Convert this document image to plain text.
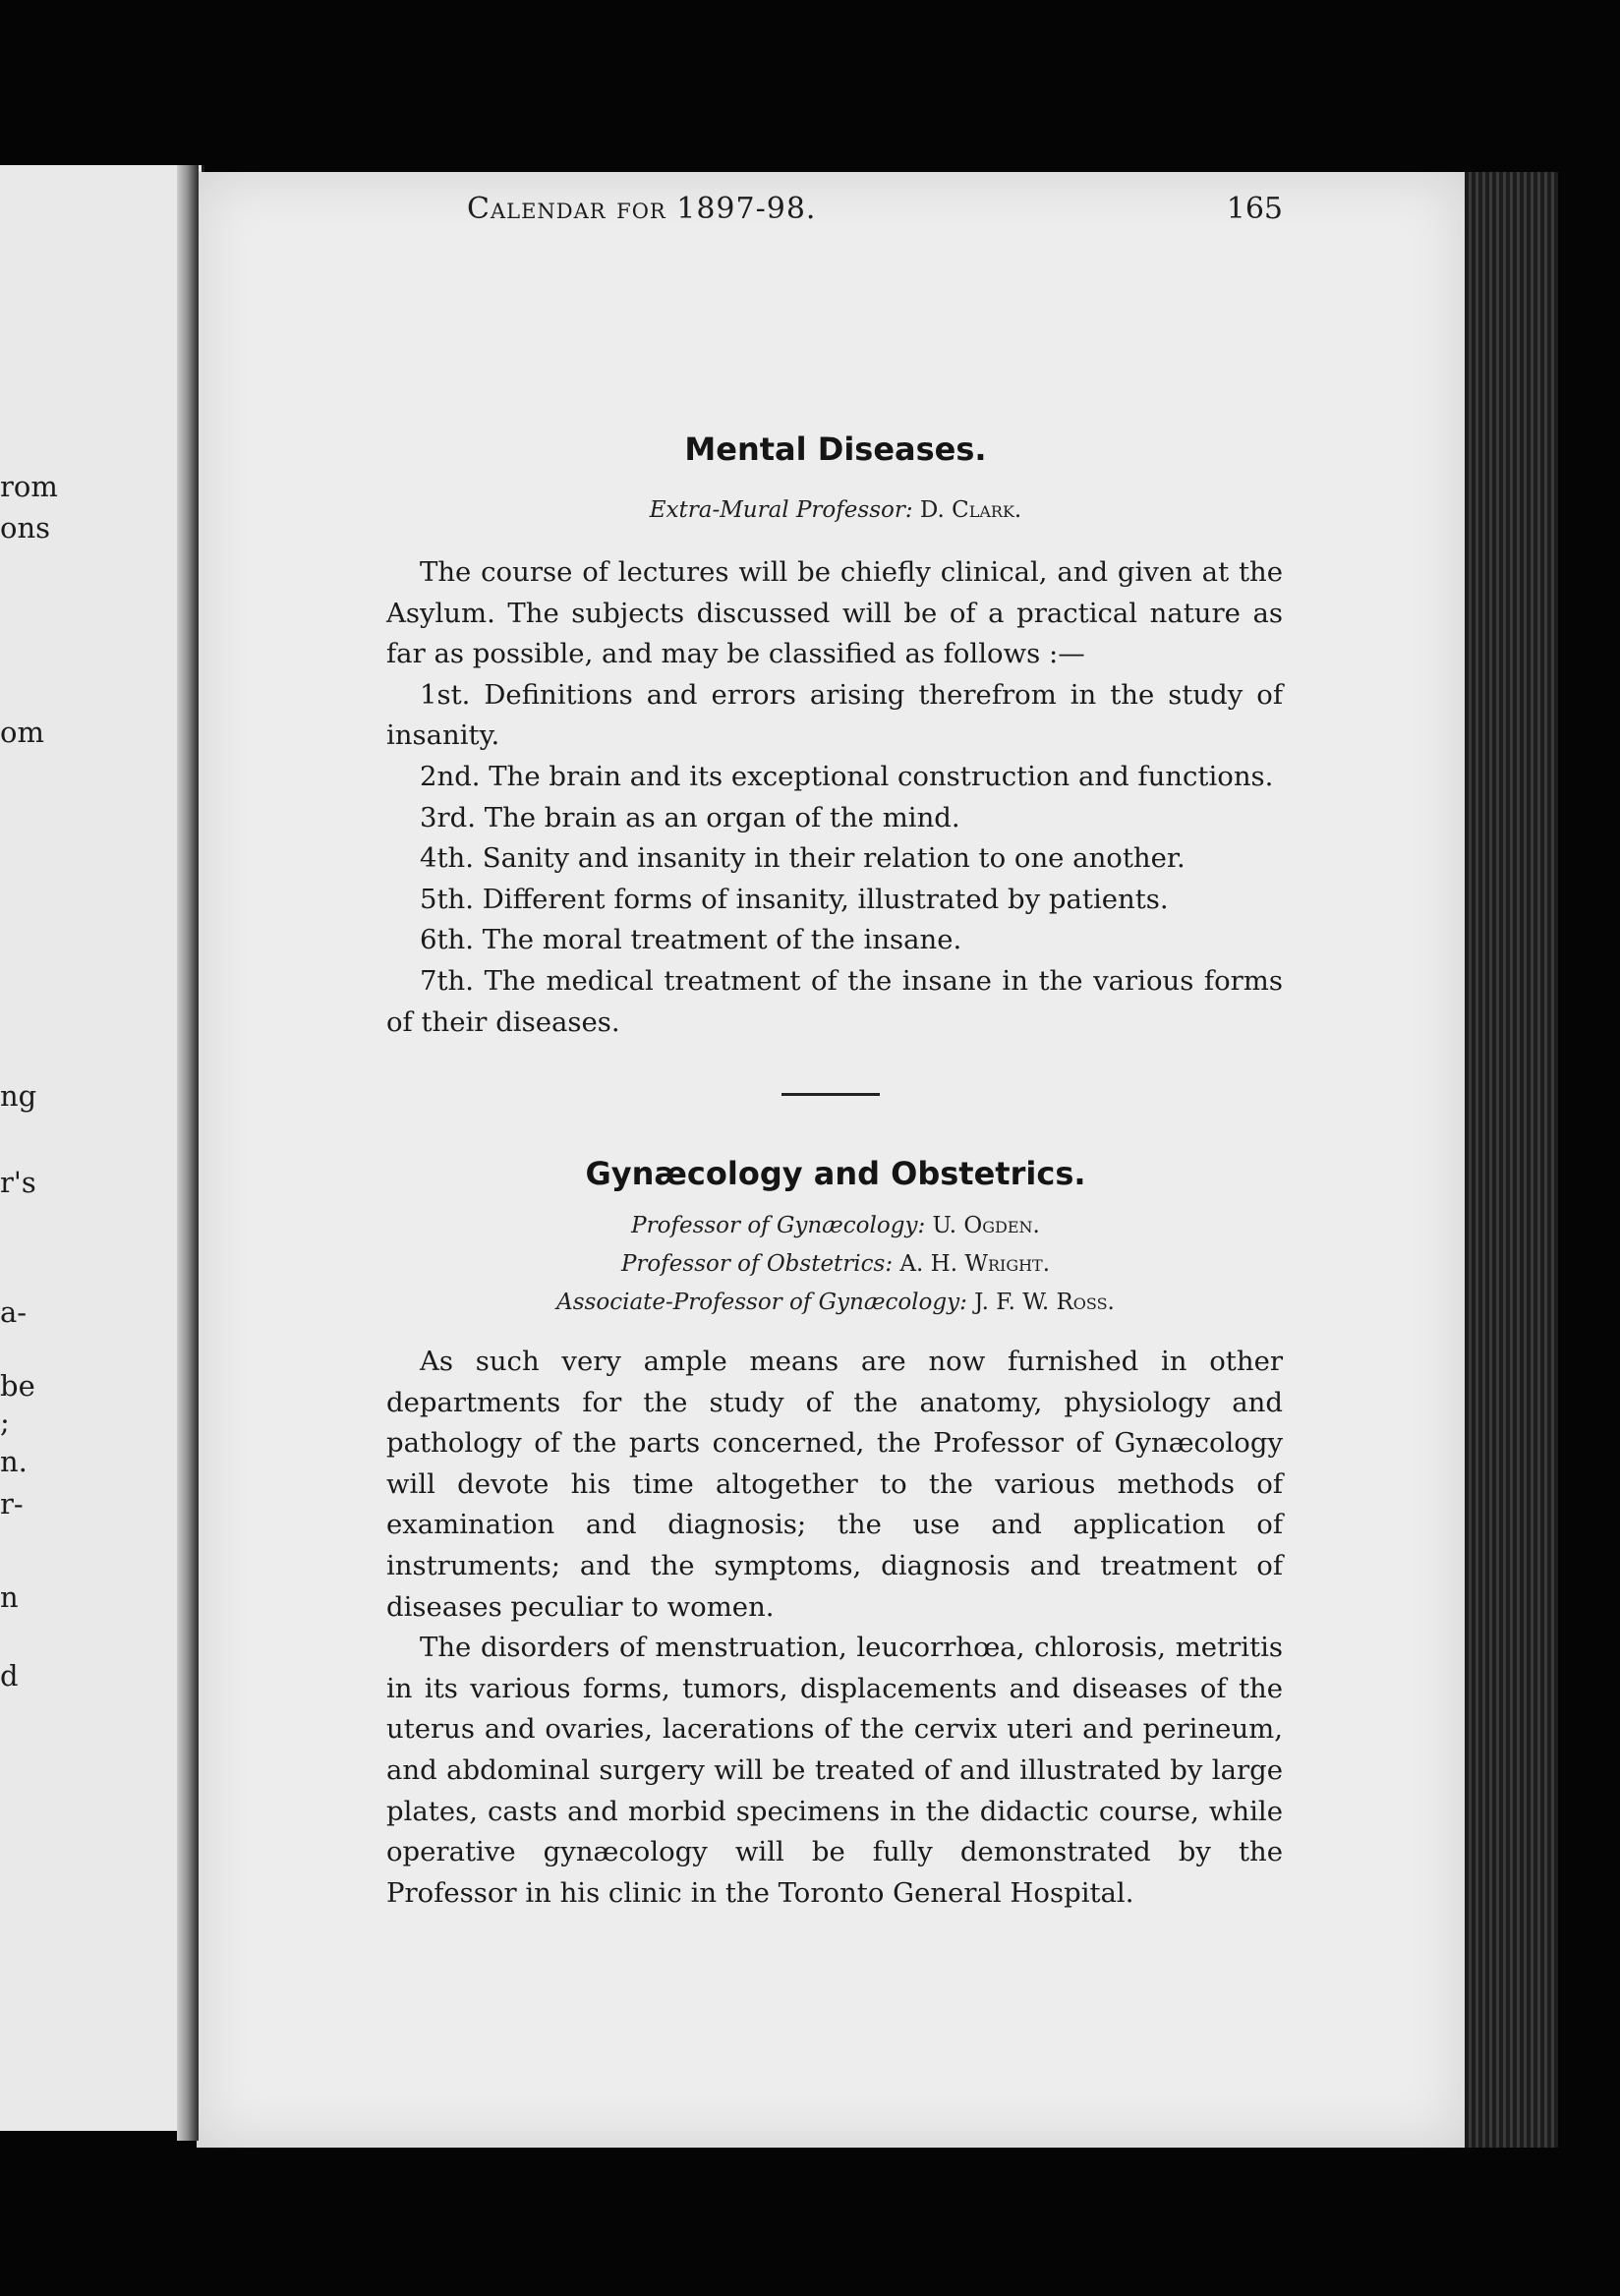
rom
ons
om
ng
r's
a-
be
;
n.
r-
n
d
Calendar for 1897-98.	165
Mental Diseases.
Extra-Mural Professor: D. Clark.

The course of lectures will be chiefly clinical, and given at the Asylum. The subjects discussed will be of a practical nature as far as possible, and may be classified as follows :—

1st. Definitions and errors arising therefrom in the study of insanity.

2nd. The brain and its exceptional construction and functions.

3rd. The brain as an organ of the mind.

4th. Sanity and insanity in their relation to one another.

5th. Different forms of insanity, illustrated by patients.

6th. The moral treatment of the insane.

7th. The medical treatment of the insane in the various forms of their diseases.

Gynæcology and Obstetrics.
Professor of Gynæcology: U. Ogden.
Professor of Obstetrics: A. H. Wright.
Associate-Professor of Gynæcology: J. F. W. Ross.

As such very ample means are now furnished in other departments for the study of the anatomy, physiology and pathology of the parts concerned, the Professor of Gynæcology will devote his time altogether to the various methods of examination and diagnosis; the use and application of instruments; and the symptoms, diagnosis and treatment of diseases peculiar to women.

The disorders of menstruation, leucorrhœa, chlorosis, metritis in its various forms, tumors, displacements and diseases of the uterus and ovaries, lacerations of the cervix uteri and perineum, and abdominal surgery will be treated of and illustrated by large plates, casts and morbid specimens in the didactic course, while operative gynæcology will be fully demonstrated by the Professor in his clinic in the Toronto General Hospital.
